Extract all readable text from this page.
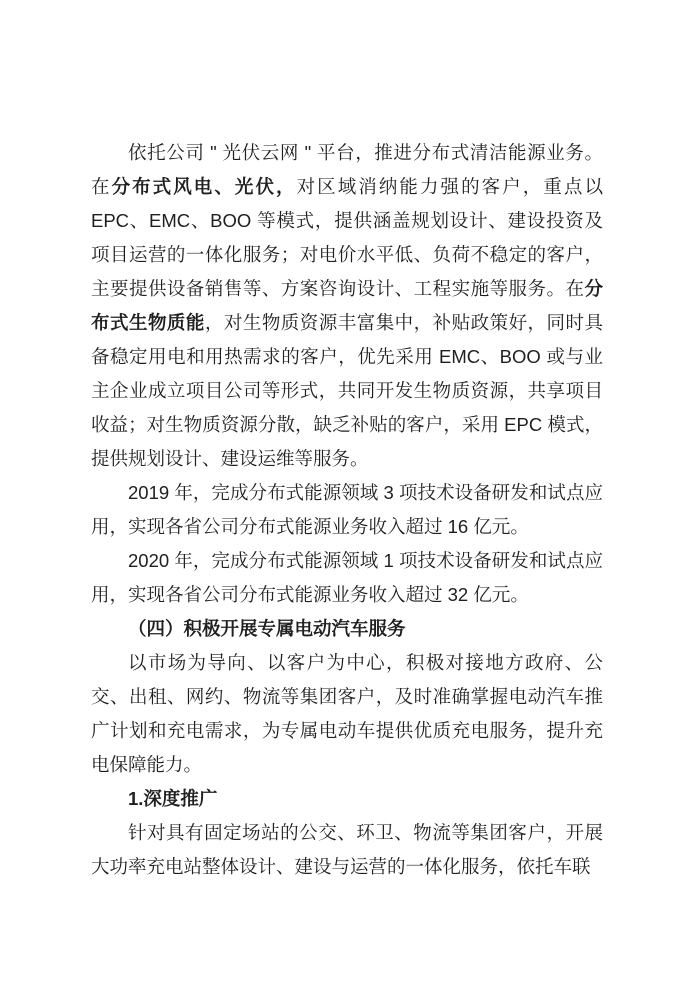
依托公司 " 光伏云网 " 平台，推进分布式清洁能源业务。在分布式风电、光伏，对区域消纳能力强的客户，重点以 EPC、EMC、BOO 等模式，提供涵盖规划设计、建设投资及项目运营的一体化服务；对电价水平低、负荷不稳定的客户，主要提供设备销售等、方案咨询设计、工程实施等服务。在分布式生物质能，对生物质资源丰富集中，补贴政策好，同时具备稳定用电和用热需求的客户，优先采用 EMC、BOO 或与业主企业成立项目公司等形式，共同开发生物质资源，共享项目收益；对生物质资源分散，缺乏补贴的客户，采用 EPC 模式，提供规划设计、建设运维等服务。

2019 年，完成分布式能源领域 3 项技术设备研发和试点应用，实现各省公司分布式能源业务收入超过 16 亿元。

2020 年，完成分布式能源领域 1 项技术设备研发和试点应用，实现各省公司分布式能源业务收入超过 32 亿元。

（四）积极开展专属电动汽车服务

以市场为导向、以客户为中心，积极对接地方政府、公交、出租、网约、物流等集团客户，及时准确掌握电动汽车推广计划和充电需求，为专属电动车提供优质充电服务，提升充电保障能力。

1.深度推广

针对具有固定场站的公交、环卫、物流等集团客户，开展大功率充电站整体设计、建设与运营的一体化服务，依托车联
